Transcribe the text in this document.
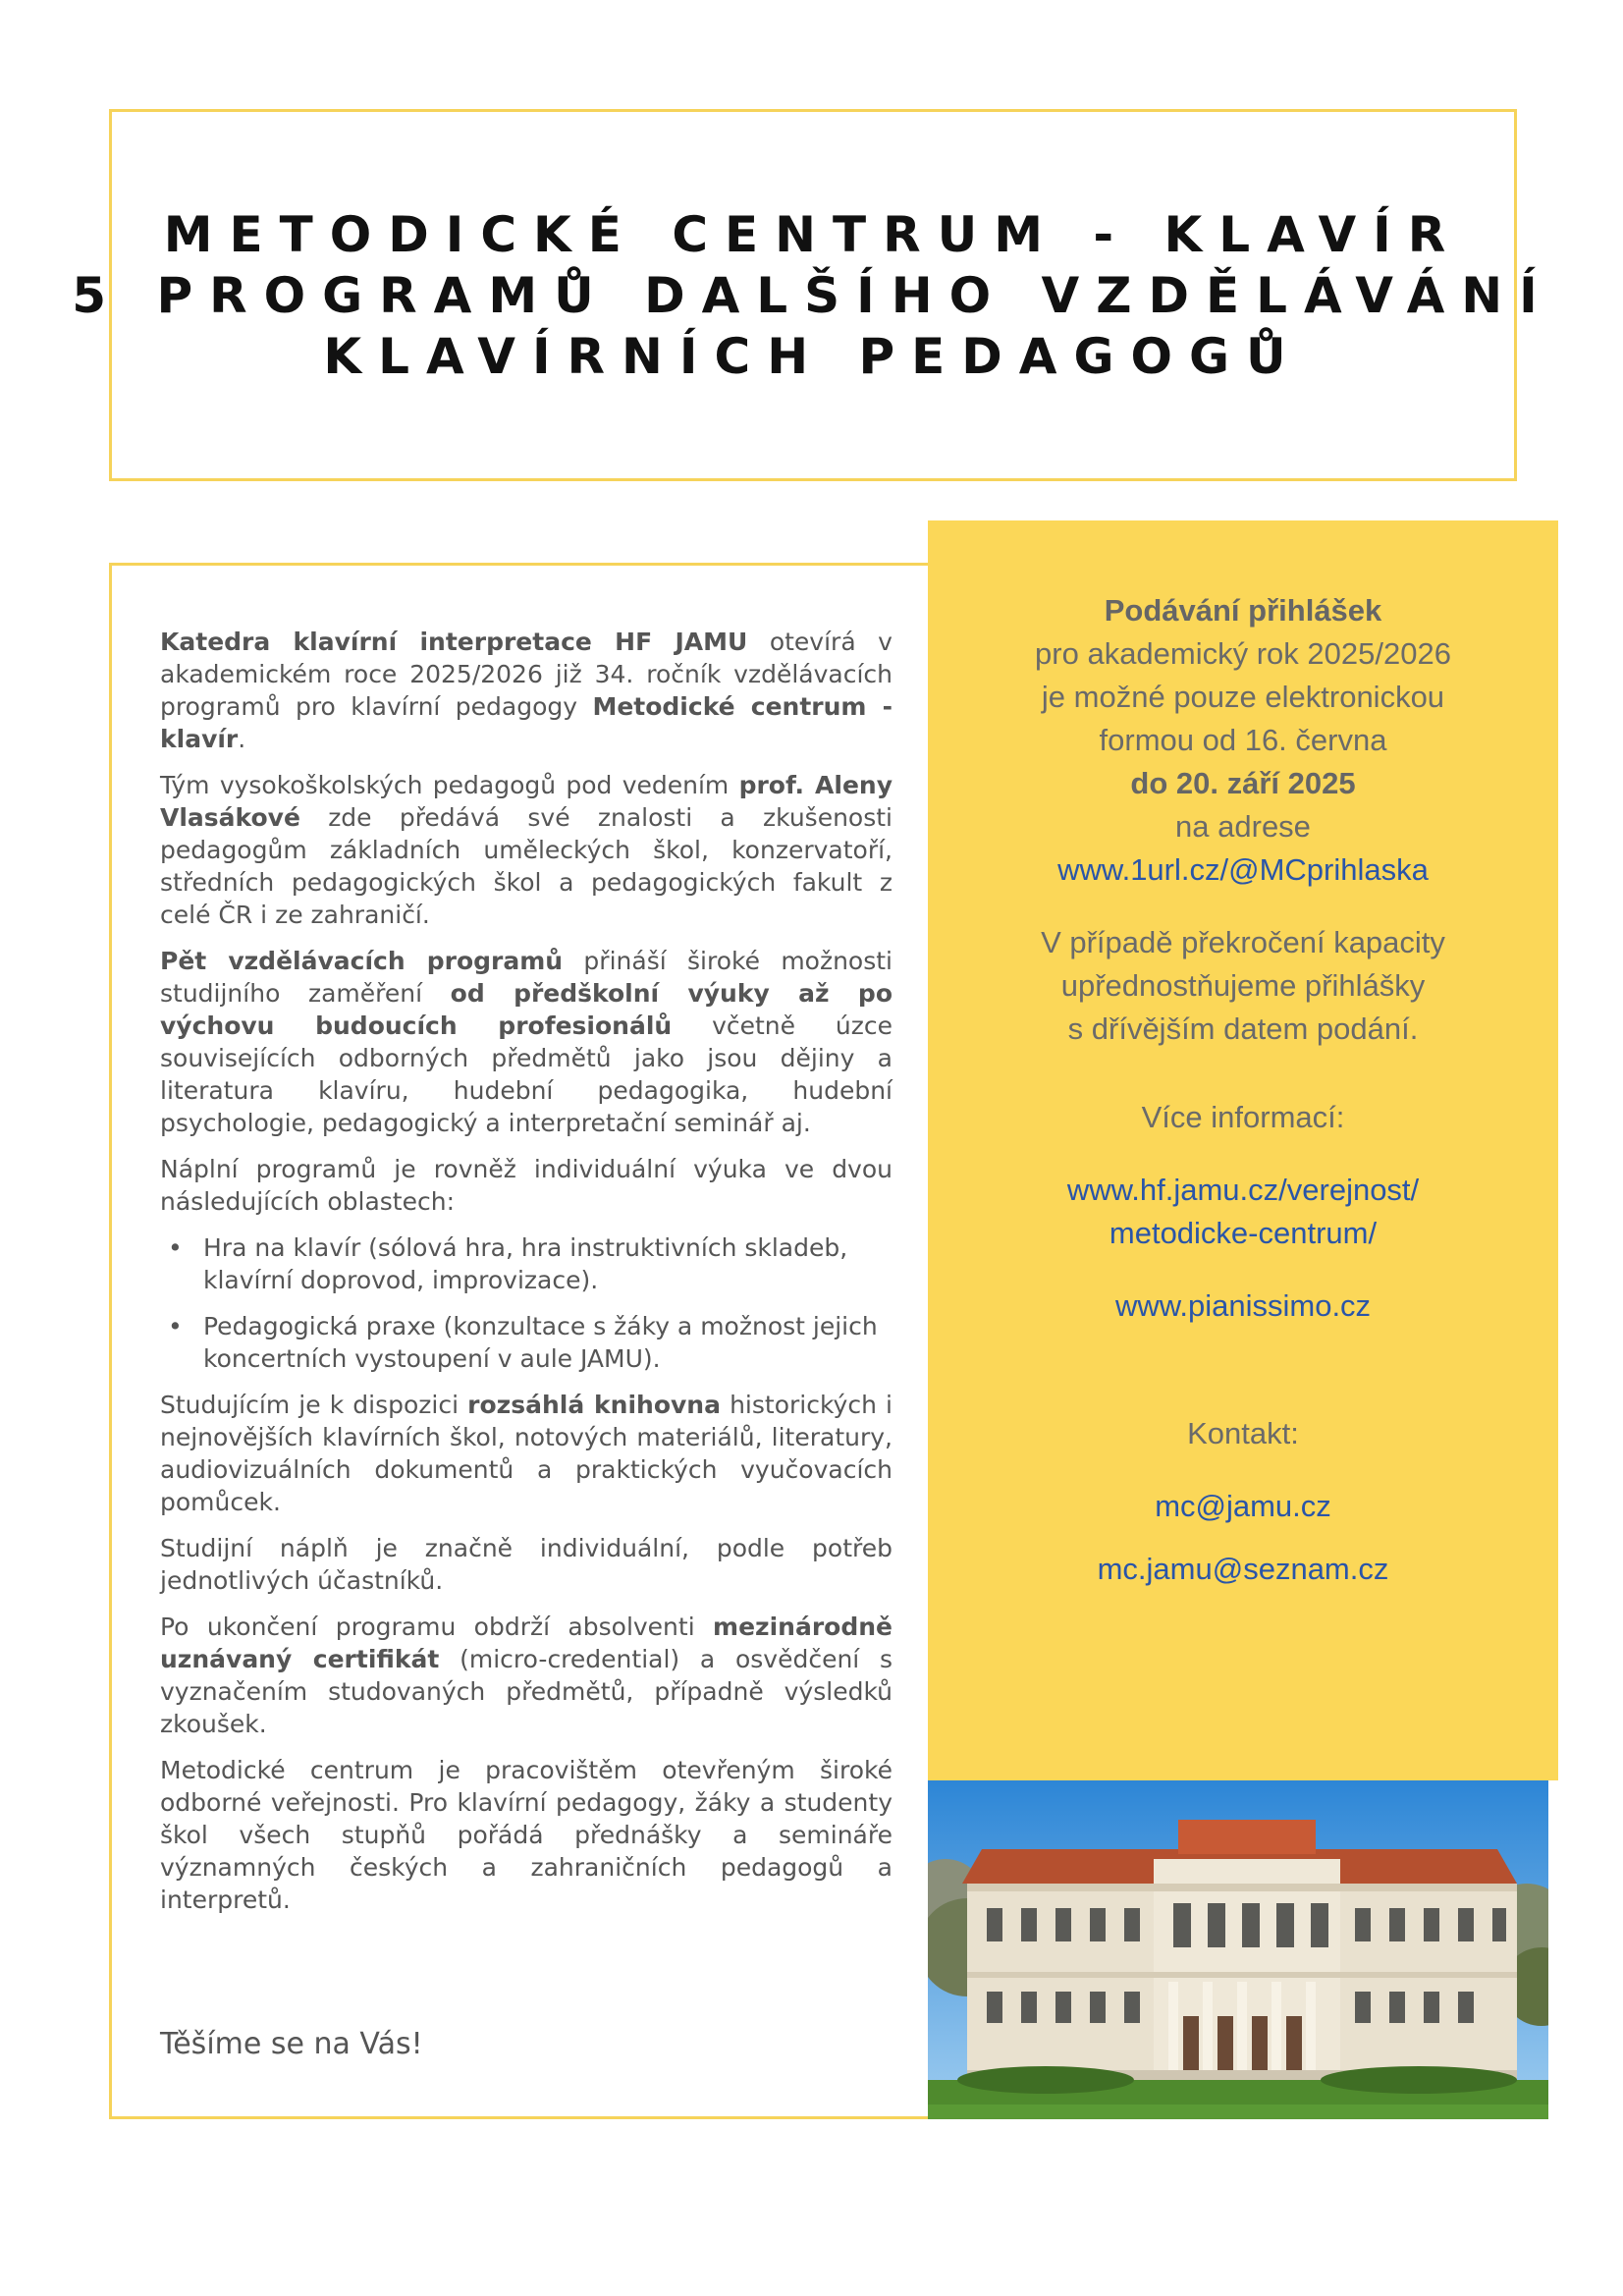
METODICKÉ CENTRUM - KLAVÍR
5 PROGRAMŮ DALŠÍHO VZDĚLÁVÁNÍ
KLAVÍRNÍCH PEDAGOGŮ

Katedra klavírní interpretace HF JAMU otevírá v akademickém roce 2025/2026 již 34. ročník vzdělávacích programů pro klavírní pedagogy Metodické centrum - klavír.

Tým vysokoškolských pedagogů pod vedením prof. Aleny Vlasákové zde předává své znalosti a zkušenosti pedagogům základních uměleckých škol, konzervatoří, středních pedagogických škol a pedagogických fakult z celé ČR i ze zahraničí.

Pět vzdělávacích programů přináší široké možnosti studijního zaměření od předškolní výuky až po výchovu budoucích profesionálů včetně úzce souvisejících odborných předmětů jako jsou dějiny a literatura klavíru, hudební pedagogika, hudební psychologie, pedagogický a interpretační seminář aj.

Náplní programů je rovněž individuální výuka ve dvou následujících oblastech:

• Hra na klavír (sólová hra, hra instruktivních skladeb, klavírní doprovod, improvizace).
• Pedagogická praxe (konzultace s žáky a možnost jejich koncertních vystoupení v aule JAMU).

Studujícím je k dispozici rozsáhlá knihovna historických i nejnovějších klavírních škol, notových materiálů, literatury, audiovizuálních dokumentů a praktických vyučovacích pomůcek.

Studijní náplň je značně individuální, podle potřeb jednotlivých účastníků.

Po ukončení programu obdrží absolventi mezinárodně uznávaný certifikát (micro-credential) a osvědčení s vyznačením studovaných předmětů, případně výsledků zkoušek.

Metodické centrum je pracovištěm otevřeným široké odborné veřejnosti. Pro klavírní pedagogy, žáky a studenty škol všech stupňů pořádá přednášky a semináře významných českých a zahraničních pedagogů a interpretů.

Těšíme se na Vás!
Podávání přihlášek
pro akademický rok 2025/2026
je možné pouze elektronickou
formou od 16. června
do 20. září 2025
na adrese
www.1url.cz/@MCprihlaska
V případě překročení kapacity
upřednostňujeme přihlášky
s dřívějším datem podání.
Více informací:
www.hf.jamu.cz/verejnost/
metodicke-centrum/
www.pianissimo.cz
Kontakt:
mc@jamu.cz
mc.jamu@seznam.cz
